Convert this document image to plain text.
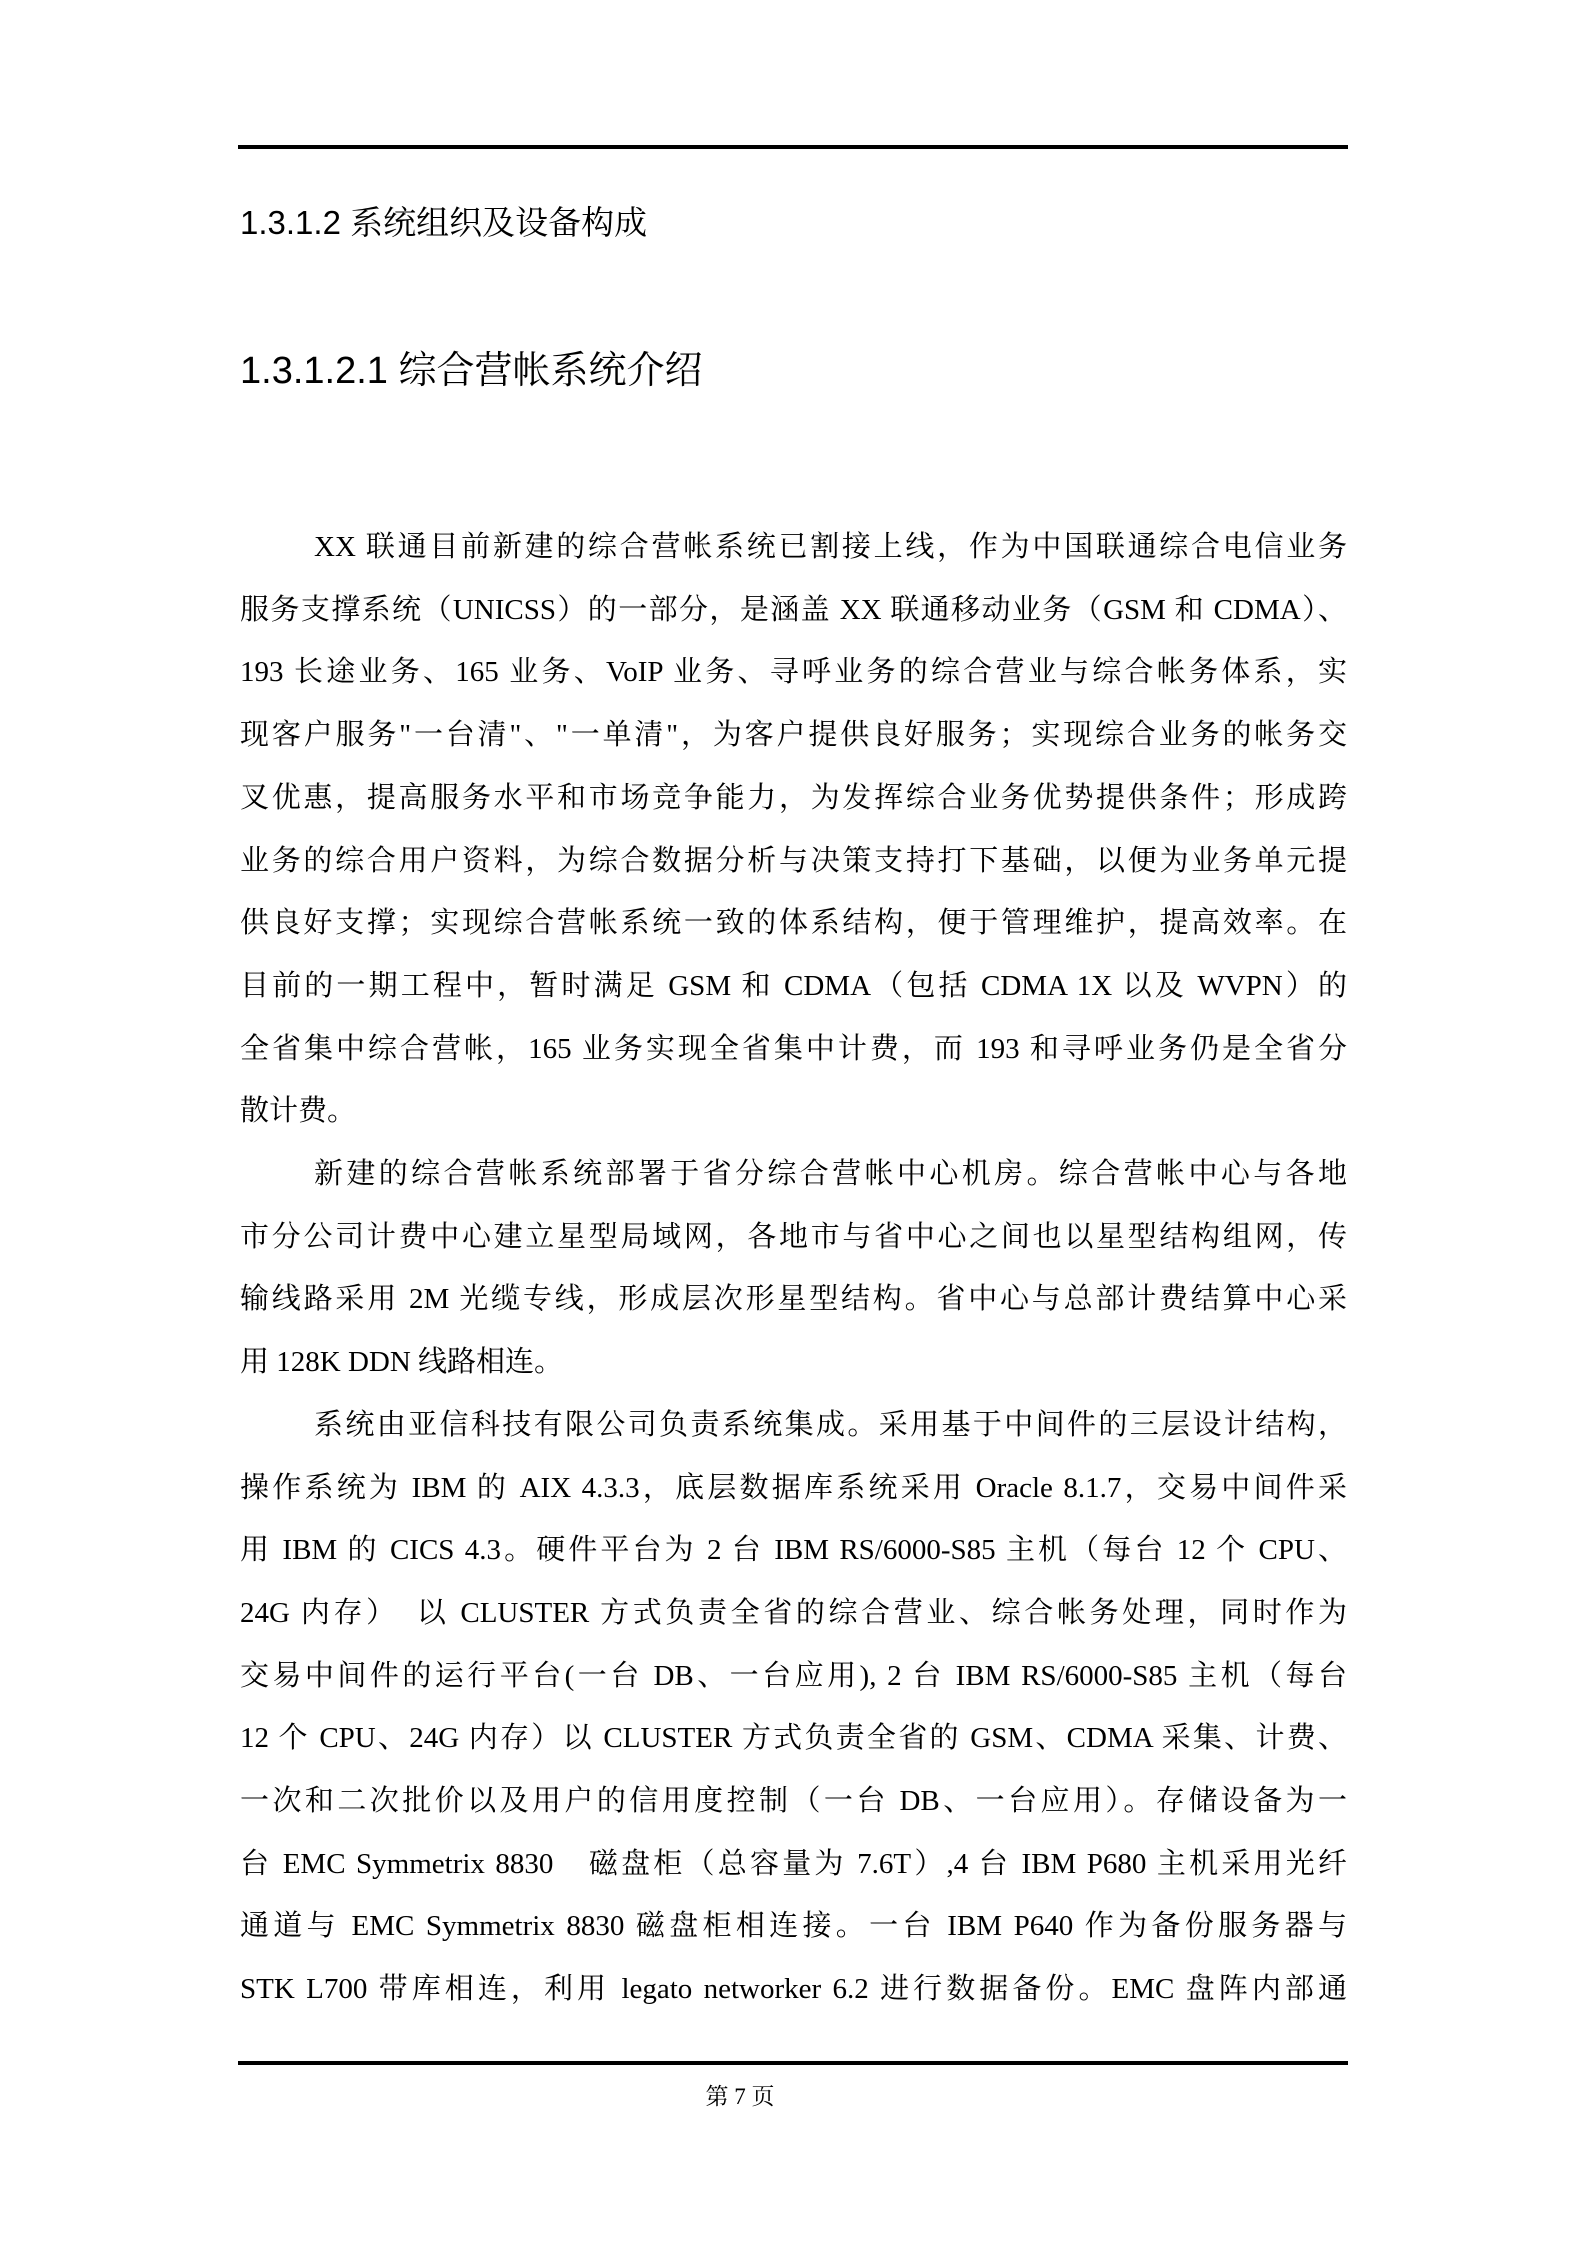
1.3.1.2 系统组织及设备构成
1.3.1.2.1 综合营帐系统介绍
XX 联通目前新建的综合营帐系统已割接上线，作为中国联通综合电信业务
服务支撑系统（UNICSS）的一部分，是涵盖 XX 联通移动业务（GSM 和 CDMA）、
193 长途业务、165 业务、VoIP 业务、寻呼业务的综合营业与综合帐务体系，实
现客户服务"一台清"、"一单清"，为客户提供良好服务；实现综合业务的帐务交
叉优惠，提高服务水平和市场竞争能力，为发挥综合业务优势提供条件；形成跨
业务的综合用户资料，为综合数据分析与决策支持打下基础，以便为业务单元提
供良好支撑；实现综合营帐系统一致的体系结构，便于管理维护，提高效率。在
目前的一期工程中，暂时满足 GSM 和 CDMA（包括 CDMA 1X 以及 WVPN）的
全省集中综合营帐，165 业务实现全省集中计费，而 193 和寻呼业务仍是全省分
散计费。
新建的综合营帐系统部署于省分综合营帐中心机房。综合营帐中心与各地
市分公司计费中心建立星型局域网，各地市与省中心之间也以星型结构组网，传
输线路采用 2M 光缆专线，形成层次形星型结构。省中心与总部计费结算中心采
用 128K DDN 线路相连。
系统由亚信科技有限公司负责系统集成。采用基于中间件的三层设计结构，
操作系统为 IBM 的 AIX 4.3.3，底层数据库系统采用 Oracle 8.1.7，交易中间件采
用 IBM 的 CICS 4.3。硬件平台为 2 台 IBM RS/6000-S85 主机（每台 12 个 CPU、
24G 内存）　以 CLUSTER 方式负责全省的综合营业、综合帐务处理，同时作为
交易中间件的运行平台(一台 DB、一台应用), 2 台 IBM RS/6000-S85 主机（每台
12 个 CPU、24G 内存）以 CLUSTER 方式负责全省的 GSM、CDMA 采集、计费、
一次和二次批价以及用户的信用度控制（一台 DB、一台应用）。存储设备为一
台 EMC Symmetrix 8830　磁盘柜（总容量为 7.6T）,4 台 IBM P680 主机采用光纤
通道与 EMC Symmetrix 8830 磁盘柜相连接。一台 IBM P640 作为备份服务器与
STK L700 带库相连，利用 legato networker 6.2 进行数据备份。EMC 盘阵内部通
第 7 页
